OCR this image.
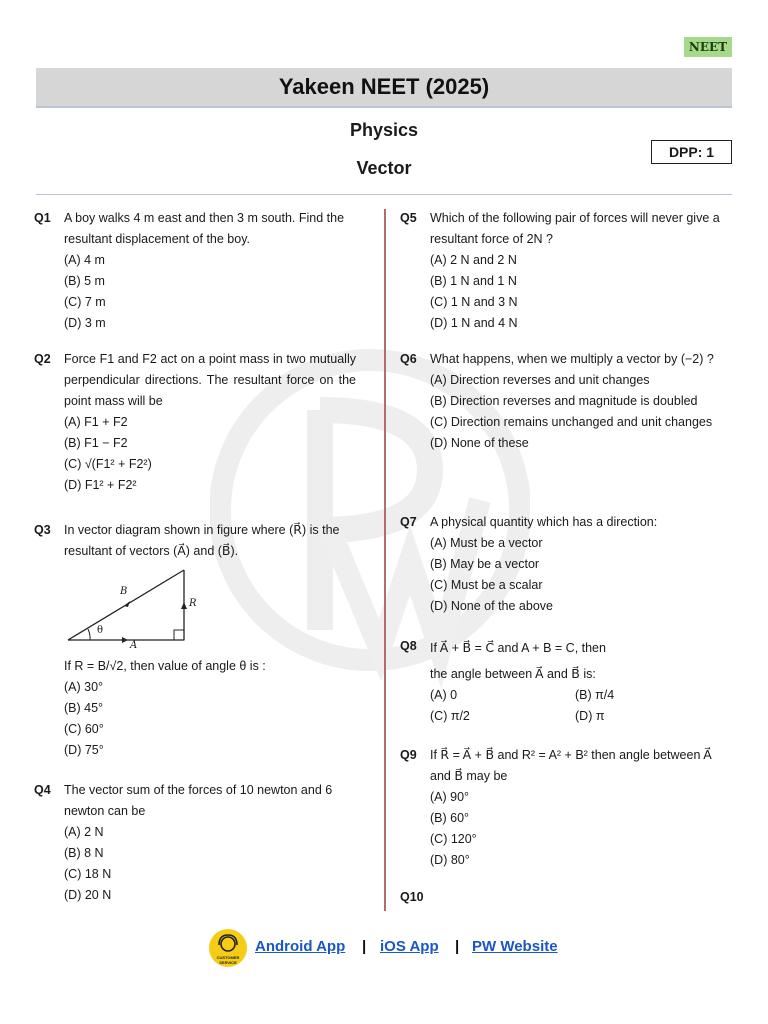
NEET
Yakeen NEET (2025)
Physics
Vector
DPP: 1
Q1 A boy walks 4 m east and then 3 m south. Find the resultant displacement of the boy.
(A) 4 m
(B) 5 m
(C) 7 m
(D) 3 m
Q2 Force F1 and F2 act on a point mass in two mutually perpendicular directions. The resultant force on the point mass will be
(A) F1 + F2
(B) F1 − F2
(C) √(F1² + F2²)
(D) F1² + F2²
Q3 In vector diagram shown in figure where (R⃗) is the resultant of vectors (A⃗) and (B⃗).
B
R
A
θ
If R = B/√2, then value of angle θ is :
(A) 30°
(B) 45°
(C) 60°
(D) 75°
Q4 The vector sum of the forces of 10 newton and 6 newton can be
(A) 2 N
(B) 8 N
(C) 18 N
(D) 20 N
Q5 Which of the following pair of forces will never give a resultant force of 2N ?
(A) 2 N and 2 N
(B) 1 N and 1 N
(C) 1 N and 3 N
(D) 1 N and 4 N
Q6 What happens, when we multiply a vector by (−2) ?
(A) Direction reverses and unit changes
(B) Direction reverses and magnitude is doubled
(C) Direction remains unchanged and unit changes
(D) None of these
Q7 A physical quantity which has a direction:
(A) Must be a vector
(B) May be a vector
(C) Must be a scalar
(D) None of the above
Q8 If A⃗ + B⃗ = C⃗ and A + B = C, then
the angle between A⃗ and B⃗ is:
(A) 0	(B) π/4
(C) π/2	(D) π
Q9 If R⃗ = A⃗ + B⃗ and R² = A² + B² then angle between A⃗ and B⃗ may be
(A) 90°
(B) 60°
(C) 120°
(D) 80°
Q10
CUSTOMER SERVICE
Android App | iOS App | PW Website
